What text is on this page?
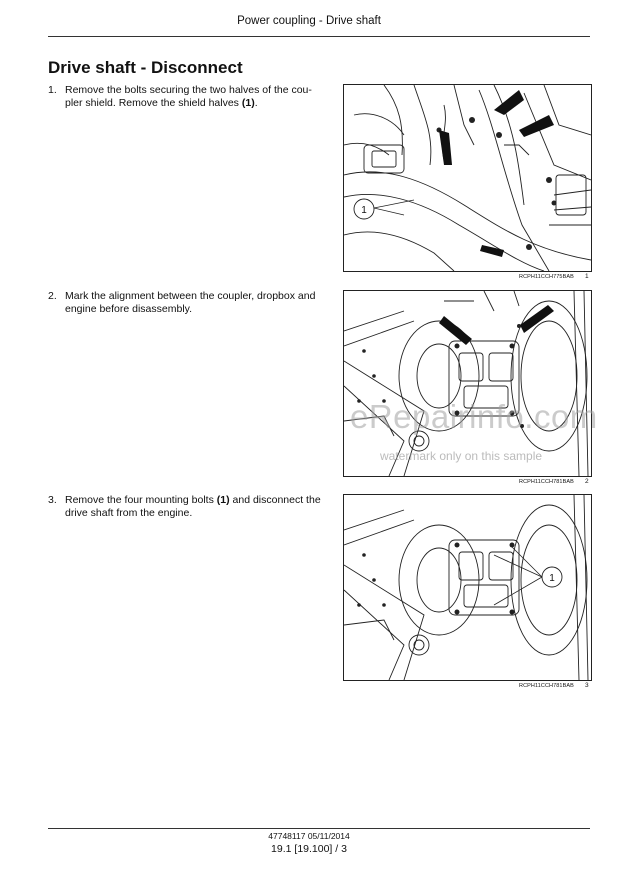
Power coupling - Drive shaft
Drive shaft - Disconnect
1. Remove the bolts securing the two halves of the cou-
pler shield. Remove the shield halves (1).
2. Mark the alignment between the coupler, dropbox and
engine before disassembly.
3. Remove the four mounting bolts (1) and disconnect the
drive shaft from the engine.
1
RCPH11CCH775BAB 1
RCPH11CCH781BAB 2
1
RCPH11CCH781BAB 3
eRepairinfo.com
watermark only on this sample
47748117 05/11/2014
19.1 [19.100] / 3
